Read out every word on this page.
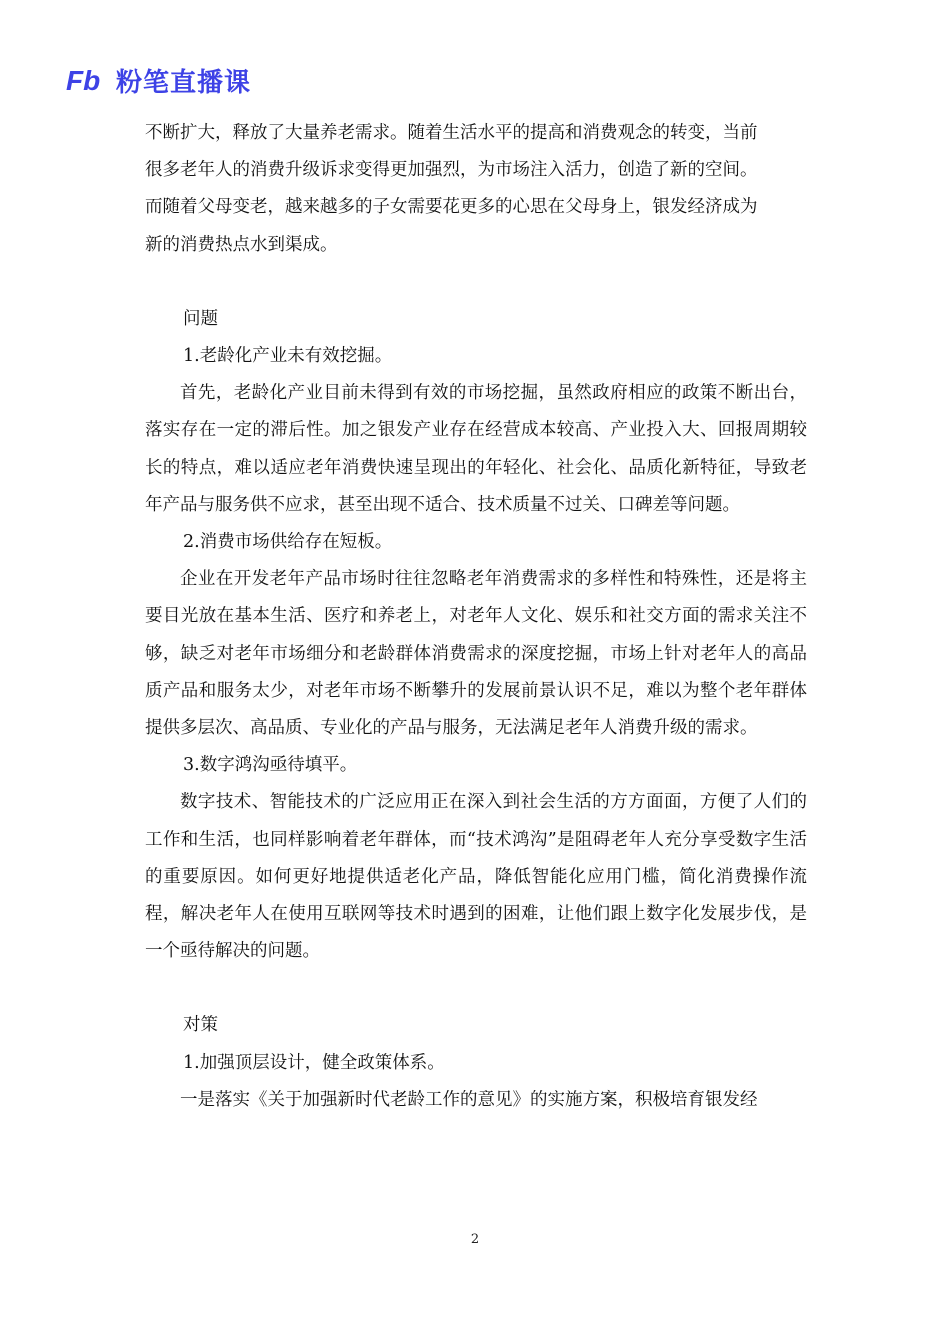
Fb 粉笔直播课

不断扩大，释放了大量养老需求。随着生活水平的提高和消费观念的转变，当前

很多老年人的消费升级诉求变得更加强烈，为市场注入活力，创造了新的空间。

而随着父母变老，越来越多的子女需要花更多的心思在父母身上，银发经济成为

新的消费热点水到渠成。

问题

1.老龄化产业未有效挖掘。

首先，老龄化产业目前未得到有效的市场挖掘，虽然政府相应的政策不断出台，落实存在一定的滞后性。加之银发产业存在经营成本较高、产业投入大、回报周期较长的特点，难以适应老年消费快速呈现出的年轻化、社会化、品质化新特征，导致老年产品与服务供不应求，甚至出现不适合、技术质量不过关、口碑差等问题。

2.消费市场供给存在短板。

企业在开发老年产品市场时往往忽略老年消费需求的多样性和特殊性，还是将主要目光放在基本生活、医疗和养老上，对老年人文化、娱乐和社交方面的需求关注不够，缺乏对老年市场细分和老龄群体消费需求的深度挖掘，市场上针对老年人的高品质产品和服务太少，对老年市场不断攀升的发展前景认识不足，难以为整个老年群体提供多层次、高品质、专业化的产品与服务，无法满足老年人消费升级的需求。

3.数字鸿沟亟待填平。

数字技术、智能技术的广泛应用正在深入到社会生活的方方面面，方便了人们的工作和生活，也同样影响着老年群体，而“技术鸿沟”是阻碍老年人充分享受数字生活的重要原因。如何更好地提供适老化产品，降低智能化应用门槛，简化消费操作流程，解决老年人在使用互联网等技术时遇到的困难，让他们跟上数字化发展步伐，是一个亟待解决的问题。

对策

1.加强顶层设计，健全政策体系。

一是落实《关于加强新时代老龄工作的意见》的实施方案，积极培育银发经

2
